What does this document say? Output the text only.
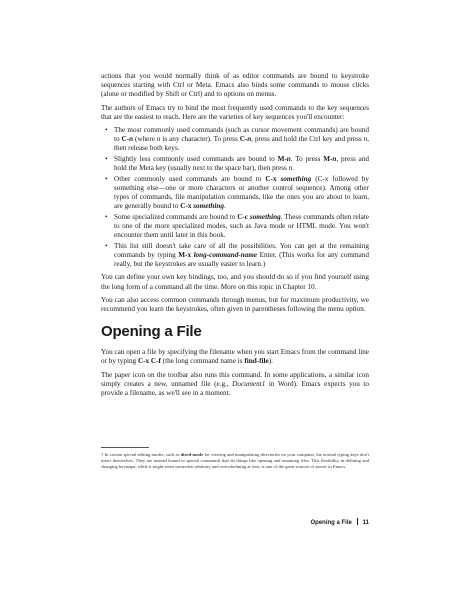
actions that you would normally think of as editor commands are bound to keystroke sequences starting with Ctrl or Meta. Emacs also binds some commands to mouse clicks (alone or modified by Shift or Ctrl) and to options on menus.

The authors of Emacs try to bind the most frequently used commands to the key sequences that are the easiest to reach. Here are the varieties of key sequences you'll encounter:

• The most commonly used commands (such as cursor movement commands) are bound to C-n (where n is any character). To press C-n, press and hold the Ctrl key and press n, then release both keys.
• Slightly less commonly used commands are bound to M-n. To press M-n, press and hold the Meta key (usually next to the space bar), then press n.
• Other commonly used commands are bound to C-x something (C-x followed by something else—one or more characters or another control sequence). Among other types of commands, file manipulation commands, like the ones you are about to learn, are generally bound to C-x something.
• Some specialized commands are bound to C-c something. These commands often relate to one of the more specialized modes, such as Java mode or HTML mode. You won't encounter them until later in this book.
• This list still doesn't take care of all the possibilities. You can get at the remaining commands by typing M-x long-command-name Enter. (This works for any command really, but the keystrokes are usually easier to learn.)

You can define your own key bindings, too, and you should do so if you find yourself using the long form of a command all the time. More on this topic in Chapter 10.

You can also access common commands through menus, but for maximum productivity, we recommend you learn the keystrokes, often given in parentheses following the menu option.

Opening a File

You can open a file by specifying the filename when you start Emacs from the command line or by typing C-x C-f (the long command name is find-file).

The paper icon on the toolbar also runs this command. In some applications, a similar icon simply creates a new, unnamed file (e.g., Document1 in Word). Emacs expects you to provide a filename, as we'll see in a moment.

† In certain special editing modes, such as dired-mode for viewing and manipulating directories on your computer, the normal typing keys don't insert themselves. They are instead bound to special commands that do things like opening and renaming files. This flexibility in defining and changing keymaps, while it might seem somewhat arbitrary and overwhelming at first, is one of the great sources of power in Emacs.
Opening a File 11
